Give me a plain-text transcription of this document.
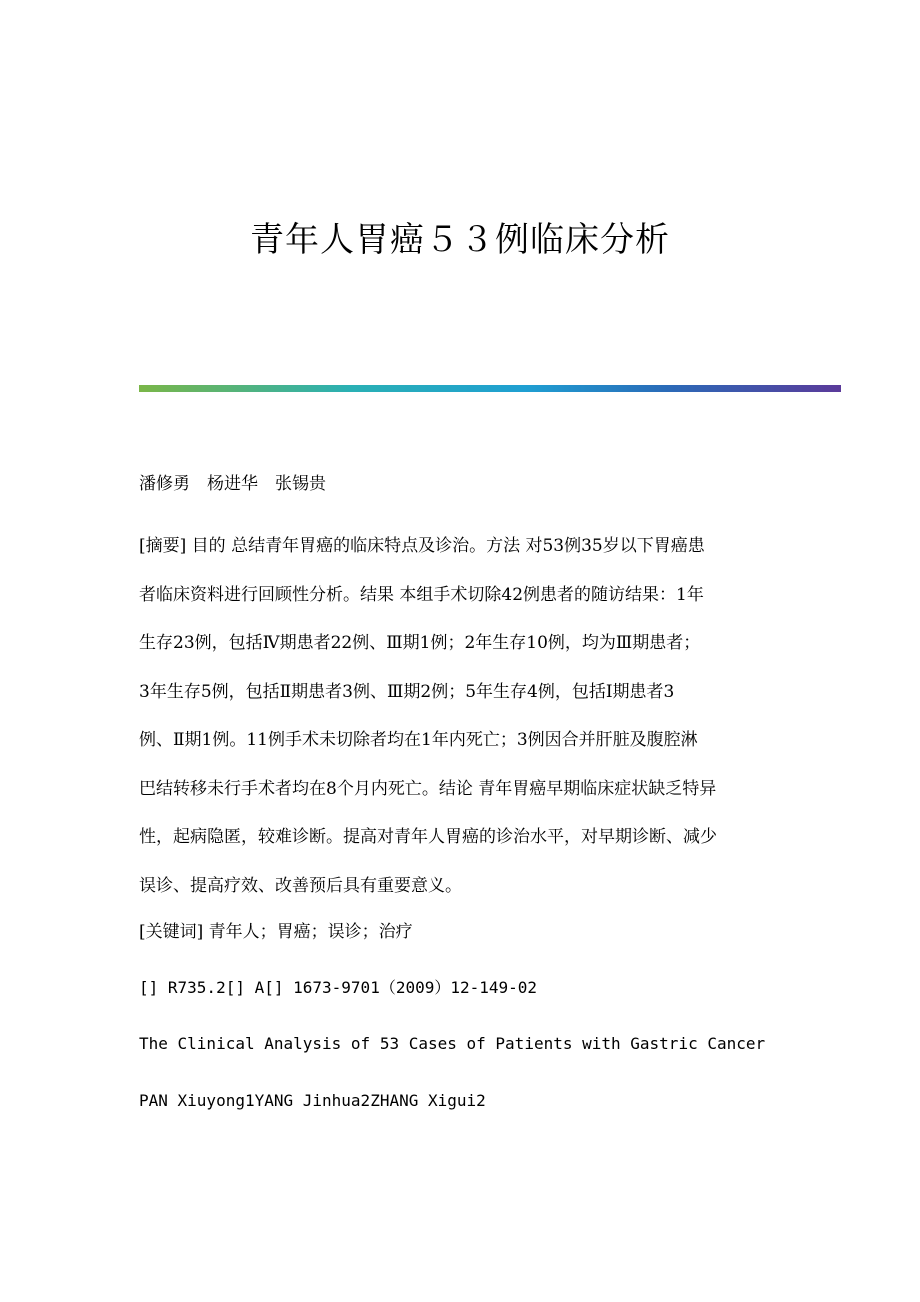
青年人胃癌５３例临床分析
潘修勇　杨进华　张锡贵
[摘要] 目的 总结青年胃癌的临床特点及诊治。方法 对53例35岁以下胃癌患
者临床资料进行回顾性分析。结果 本组手术切除42例患者的随访结果：1年
生存23例，包括Ⅳ期患者22例、Ⅲ期1例；2年生存10例，均为Ⅲ期患者；
3年生存5例，包括Ⅱ期患者3例、Ⅲ期2例；5年生存4例，包括Ⅰ期患者3
例、Ⅱ期1例。11例手术未切除者均在1年内死亡；3例因合并肝脏及腹腔淋
巴结转移未行手术者均在8个月内死亡。结论 青年胃癌早期临床症状缺乏特异
性，起病隐匿，较难诊断。提高对青年人胃癌的诊治水平，对早期诊断、减少
误诊、提高疗效、改善预后具有重要意义。
[关键词] 青年人；胃癌；误诊；治疗
[] R735.2[] A[] 1673-9701（2009）12-149-02
The Clinical Analysis of 53 Cases of Patients with Gastric Cancer
PAN Xiuyong1YANG Jinhua2ZHANG Xigui2
